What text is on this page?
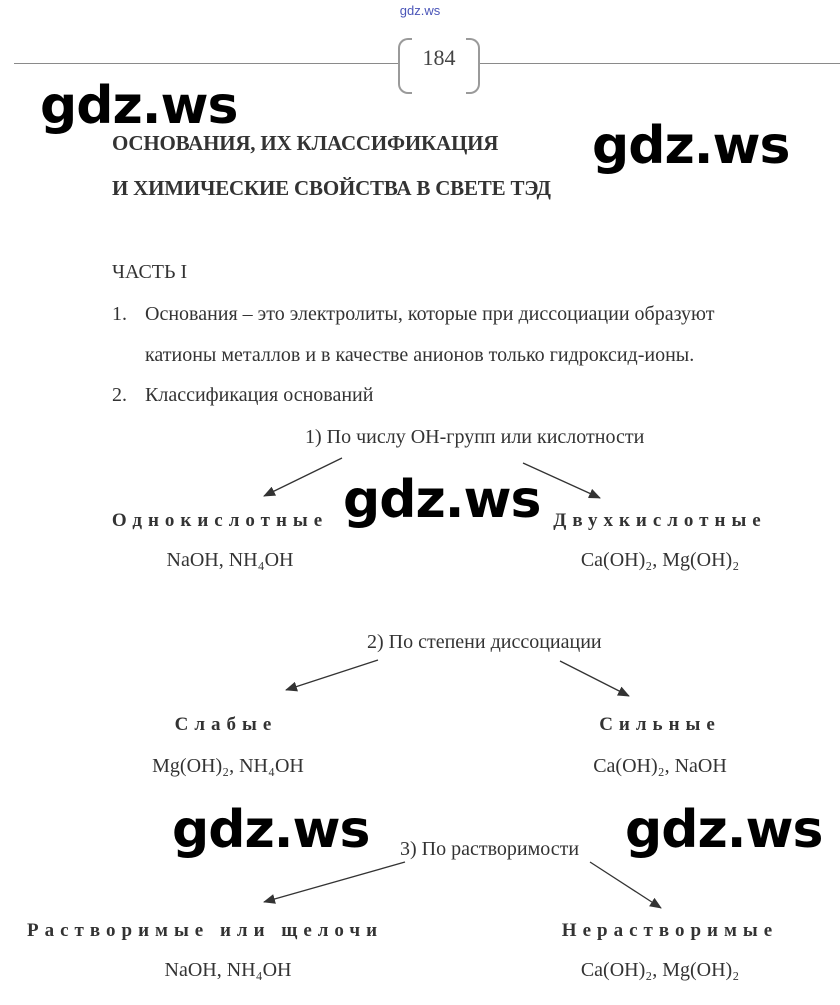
gdz.ws
184
ОСНОВАНИЯ, ИХ КЛАССИФИКАЦИЯ
И ХИМИЧЕСКИЕ СВОЙСТВА В СВЕТЕ ТЭД
ЧАСТЬ I
1. Основания – это электролиты, которые при диссоциации образуют
катионы металлов и в качестве анионов только гидроксид-ионы.
2. Классификация оснований
1) По числу ОН-групп или кислотности
Однокислотные
NaOH, NH₄OH
Двухкислотные
Ca(OH)₂, Mg(OH)₂
2) По степени диссоциации
Слабые
Mg(OH)₂, NH₄OH
Сильные
Ca(OH)₂, NaOH
3) По растворимости
Растворимые или щелочи
NaOH, NH₄OH
Нерастворимые
Ca(OH)₂, Mg(OH)₂
gdz.ws
gdz.ws
gdz.ws
gdz.ws	gdz.ws
